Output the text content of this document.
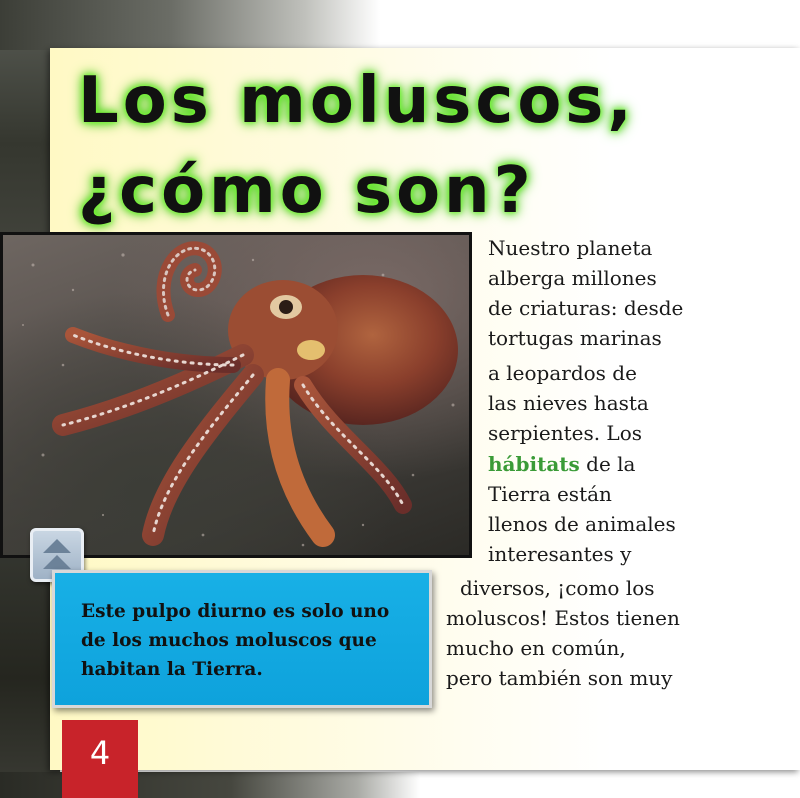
Los moluscos,
¿cómo son?

Este pulpo diurno es solo uno de los muchos moluscos que habitan la Tierra.

Nuestro planeta

alberga millones

de criaturas: desde

tortugas marinas

a leopardos de

las nieves hasta

serpientes. Los

hábitats de la

Tierra están

llenos de animales

interesantes y

diversos, ¡como los

moluscos! Estos tienen

mucho en común,

pero también son muy

4
